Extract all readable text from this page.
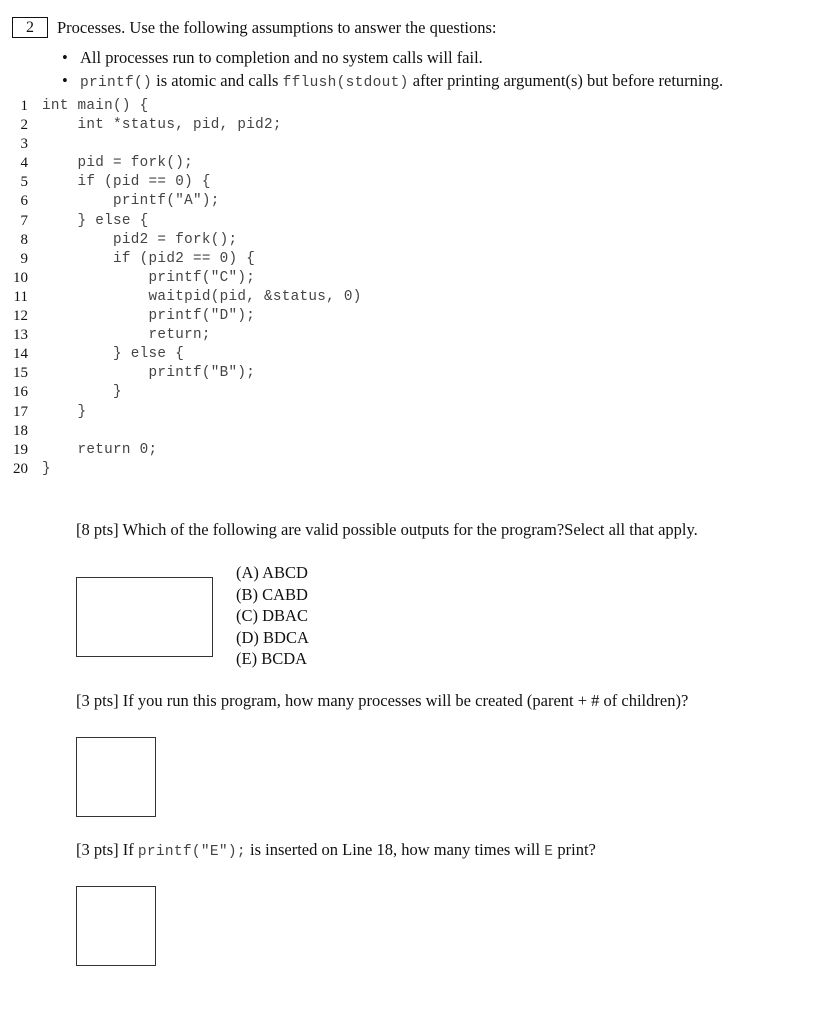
2	Processes. Use the following assumptions to answer the questions:
• All processes run to completion and no system calls will fail.
• printf() is atomic and calls fflush(stdout) after printing argument(s) but before returning.
1 int main() {
2 int *status, pid, pid2;
3
4 pid = fork();
5 if (pid == 0) {
6 printf("A");
7 } else {
8 pid2 = fork();
9 if (pid2 == 0) {
10 printf("C");
11 waitpid(pid, &status, 0)
12 printf("D");
13 return;
14 } else {
15 printf("B");
16 }
17 }
18
19 return 0;
20 }
[8 pts] Which of the following are valid possible outputs for the program?Select all that apply.
(A) ABCD
(B) CABD
(C) DBAC
(D) BDCA
(E) BCDA
[3 pts] If you run this program, how many processes will be created (parent + # of children)?
[3 pts] If printf("E"); is inserted on Line 18, how many times will E print?
